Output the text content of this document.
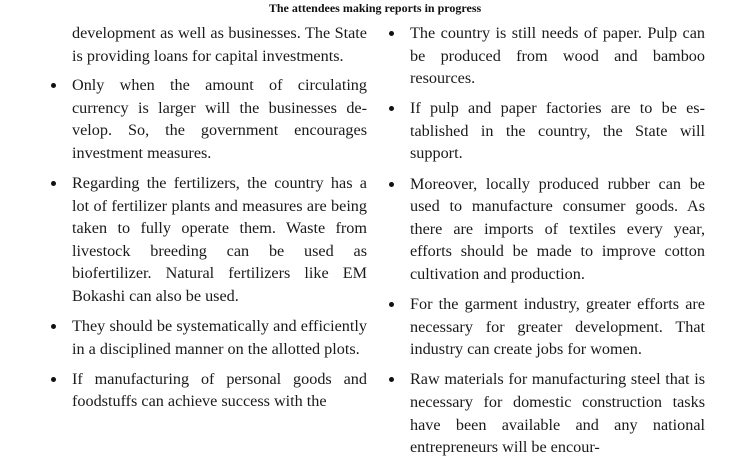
The attendees making reports in progress

development as well as businesses. The State is providing loans for capital investments.

Only when the amount of circulating currency is larger will the businesses develop. So, the government encourages investment measures.
Regarding the fertilizers, the country has a lot of fertilizer plants and measures are being taken to fully operate them. Waste from livestock breeding can be used as biofertilizer. Natural fertilizers like EM Bokashi can also be used.
They should be systematically and efficiently in a disciplined manner on the allotted plots.
If manufacturing of personal goods and foodstuffs can achieve success with the
The country is still needs of paper. Pulp can be produced from wood and bamboo resources.
If pulp and paper factories are to be established in the country, the State will support.
Moreover, locally produced rubber can be used to manufacture consumer goods. As there are imports of textiles every year, efforts should be made to improve cotton cultivation and production.
For the garment industry, greater efforts are necessary for greater development. That industry can create jobs for women.
Raw materials for manufacturing steel that is necessary for domestic construction tasks have been available and any national entrepreneurs will be encour-
